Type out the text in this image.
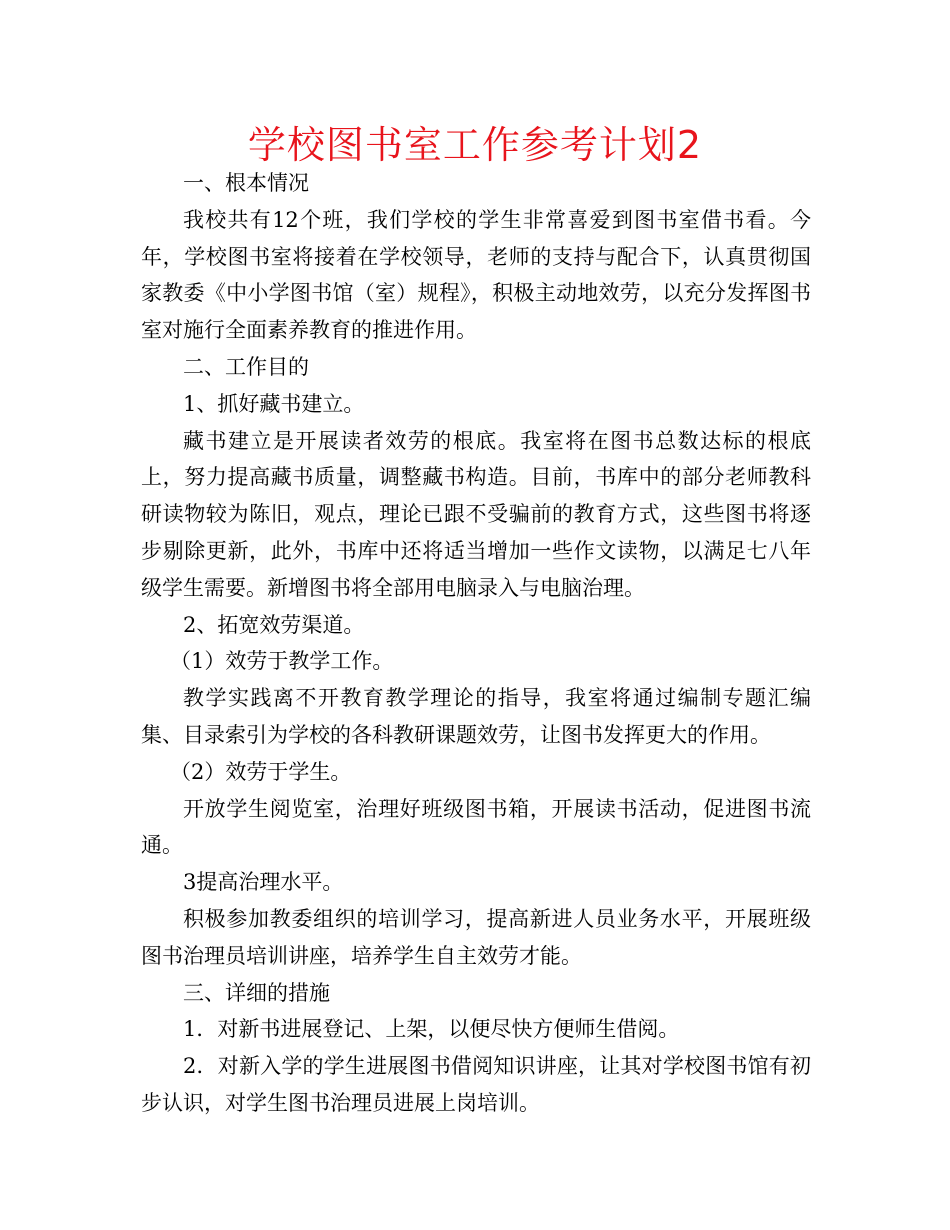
学校图书室工作参考计划2

一、根本情况

我校共有12个班，我们学校的学生非常喜爱到图书室借书看。今年，学校图书室将接着在学校领导，老师的支持与配合下，认真贯彻国家教委《中小学图书馆（室）规程》，积极主动地效劳，以充分发挥图书室对施行全面素养教育的推进作用。

二、工作目的

1、抓好藏书建立。

藏书建立是开展读者效劳的根底。我室将在图书总数达标的根底上，努力提高藏书质量，调整藏书构造。目前，书库中的部分老师教科研读物较为陈旧，观点，理论已跟不受骗前的教育方式，这些图书将逐步剔除更新，此外，书库中还将适当增加一些作文读物，以满足七八年级学生需要。新增图书将全部用电脑录入与电脑治理。

2、拓宽效劳渠道。

（1）效劳于教学工作。

教学实践离不开教育教学理论的指导，我室将通过编制专题汇编集、目录索引为学校的各科教研课题效劳，让图书发挥更大的作用。

（2）效劳于学生。

开放学生阅览室，治理好班级图书箱，开展读书活动，促进图书流通。

3提高治理水平。

积极参加教委组织的培训学习，提高新进人员业务水平，开展班级图书治理员培训讲座，培养学生自主效劳才能。

三、详细的措施

1．对新书进展登记、上架，以便尽快方便师生借阅。

2．对新入学的学生进展图书借阅知识讲座，让其对学校图书馆有初步认识，对学生图书治理员进展上岗培训。
